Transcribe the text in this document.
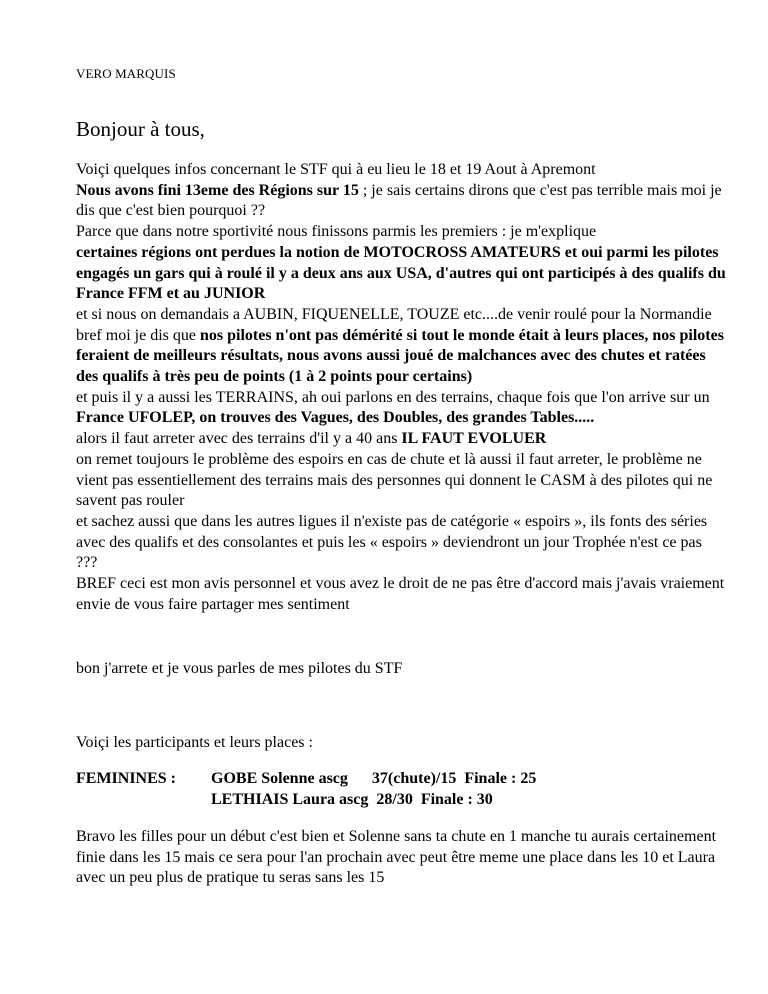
VERO MARQUIS
Bonjour à tous,

Voiçi quelques infos concernant le STF qui à eu lieu le 18 et 19 Aout à Apremont
Nous avons fini 13eme des Régions sur 15 ; je sais certains dirons que c'est pas terrible mais moi je dis que c'est bien pourquoi ??
Parce que dans notre sportivité nous finissons parmis les premiers : je m'explique
certaines régions ont perdues la notion de MOTOCROSS AMATEURS et oui parmi les pilotes engagés un gars qui à roulé il y a deux ans aux USA, d'autres qui ont participés à des qualifs du France FFM et au JUNIOR
et si nous on demandais a AUBIN, FIQUENELLE, TOUZE etc....de venir roulé pour la Normandie
bref moi je dis que nos pilotes n'ont pas démérité si tout le monde était à leurs places, nos pilotes feraient de meilleurs résultats, nous avons aussi joué de malchances avec des chutes et ratées des qualifs à très peu de points (1 à 2 points pour certains)
et puis il y a aussi les TERRAINS, ah oui parlons en des terrains, chaque fois que l'on arrive sur un France UFOLEP, on trouves des Vagues, des Doubles, des grandes Tables.....
alors il faut arreter avec des terrains d'il y a 40 ans IL FAUT EVOLUER
on remet toujours le problème des espoirs en cas de chute et là aussi il faut arreter, le problème ne vient pas essentiellement des terrains mais des personnes qui donnent le CASM à des pilotes qui ne savent pas rouler
et sachez aussi que dans les autres ligues il n'existe pas de catégorie « espoirs », ils fonts des séries avec des qualifs et des consolantes et puis les « espoirs » deviendront un jour Trophée n'est ce pas ???
BREF ceci est mon avis personnel et vous avez le droit de ne pas être d'accord mais j'avais vraiement envie de vous faire partager mes sentiment

bon j'arrete et je vous parles de mes pilotes du STF
Voiçi les participants et leurs places :
FEMININES : GOBE Solenne ascg      37(chute)/15  Finale : 25
LETHIAIS Laura ascg  28/30  Finale : 30
Bravo les filles pour un début c'est bien et Solenne sans ta chute en 1 manche tu aurais certainement finie dans les 15 mais ce sera pour l'an prochain avec peut être meme une place dans les 10 et Laura avec un peu plus de pratique tu seras sans les 15
